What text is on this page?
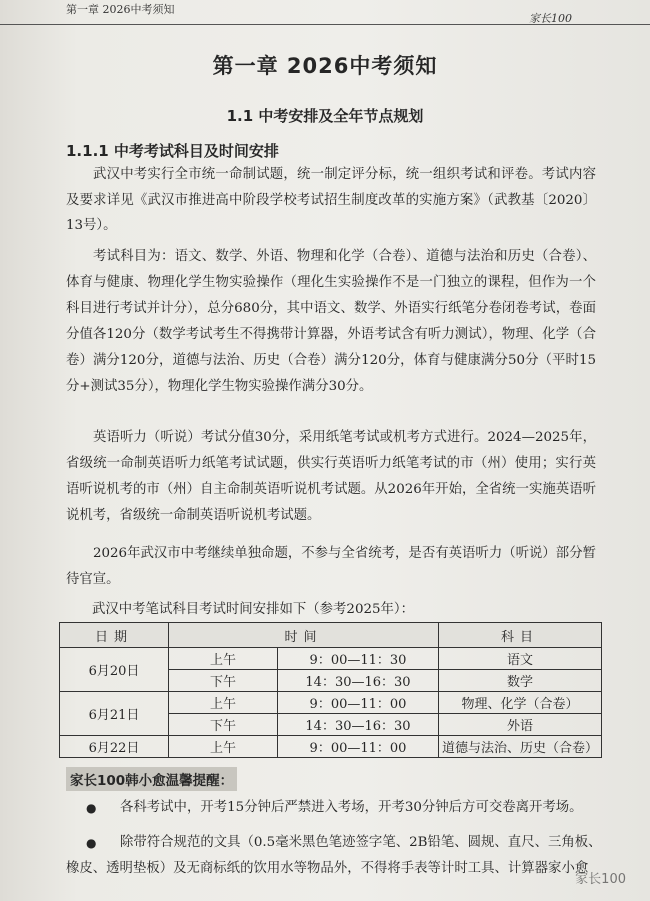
第一章 2026中考须知
家长100
第一章 2026中考须知
1.1 中考安排及全年节点规划
1.1.1 中考考试科目及时间安排
武汉中考实行全市统一命制试题，统一制定评分标，统一组织考试和评卷。考试内容及要求详见《武汉市推进高中阶段学校考试招生制度改革的实施方案》（武教基〔2020〕13号）。
考试科目为：语文、数学、外语、物理和化学（合卷）、道德与法治和历史（合卷）、体育与健康、物理化学生物实验操作（理化生实验操作不是一门独立的课程，但作为一个科目进行考试并计分），总分680分，其中语文、数学、外语实行纸笔分卷闭卷考试，卷面分值各120分（数学考试考生不得携带计算器，外语考试含有听力测试），物理、化学（合卷）满分120分，道德与法治、历史（合卷）满分120分，体育与健康满分50分（平时15分+测试35分），物理化学生物实验操作满分30分。
英语听力（听说）考试分值30分，采用纸笔考试或机考方式进行。2024—2025年，省级统一命制英语听力纸笔考试试题，供实行英语听力纸笔考试的市（州）使用；实行英语听说机考的市（州）自主命制英语听说机考试题。从2026年开始，全省统一实施英语听说机考，省级统一命制英语听说机考试题。
2026年武汉市中考继续单独命题，不参与全省统考，是否有英语听力（听说）部分暂待官宣。
武汉中考笔试科目考试时间安排如下（参考2025年）：
日期	时间		科目
6月20日	上午	9：00—11：30	语文
	下午	14：30—16：30	数学
6月21日	上午	9：00—11：00	物理、化学（合卷）
	下午	14：30—16：30	外语
6月22日	上午	9：00—11：00	道德与法治、历史（合卷）
家长100韩小愈温馨提醒：
●	各科考试中，开考15分钟后严禁进入考场，开考30分钟后方可交卷离开考场。
●	除带符合规范的文具（0.5毫米黑色笔迹签字笔、2B铅笔、圆规、直尺、三角板、橡皮、透明垫板）及无商标纸的饮用水等物品外，不得将手表等计时工具、计算器家小愈
家长100
